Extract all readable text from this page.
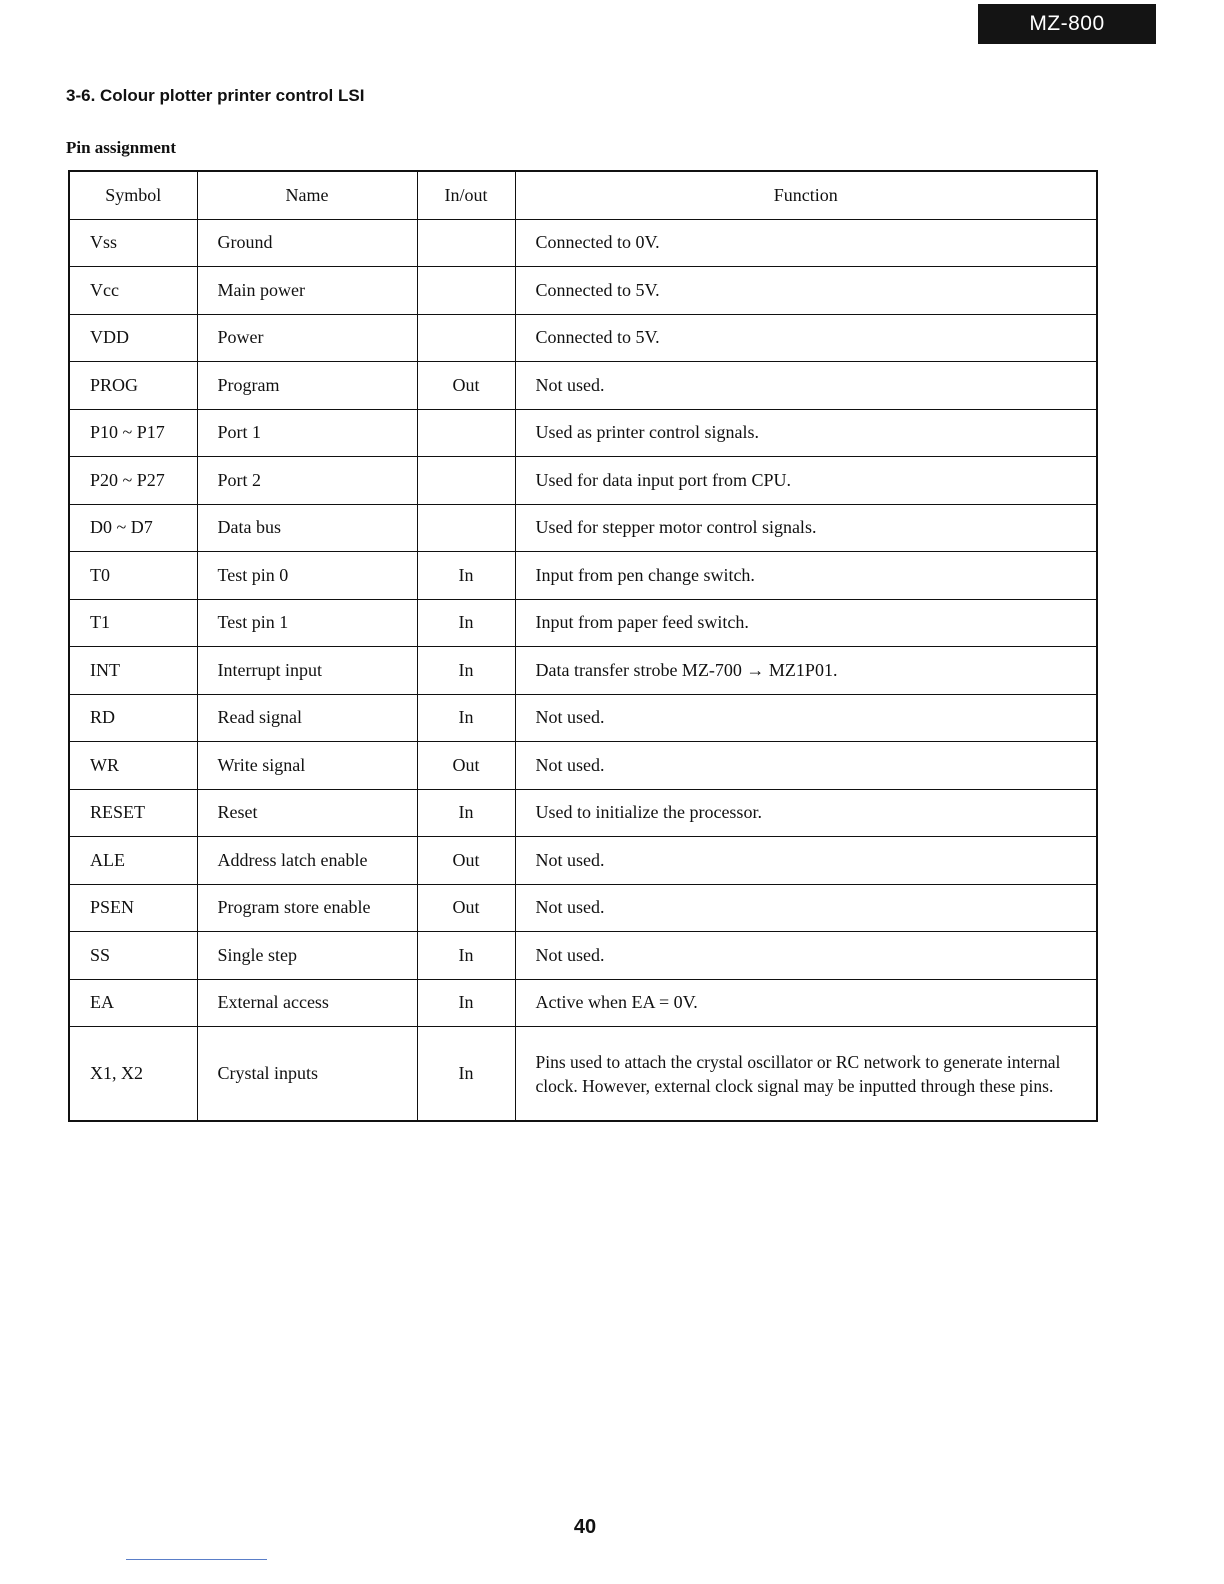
MZ-800
3-6. Colour plotter printer control LSI
Pin assignment
Symbol	Name	In/out	Function
Vss	Ground		Connected to 0V.
Vcc	Main power		Connected to 5V.
VDD	Power		Connected to 5V.
PROG	Program	Out	Not used.
P10 ~ P17	Port 1		Used as printer control signals.
P20 ~ P27	Port 2		Used for data input port from CPU.
D0 ~ D7	Data bus		Used for stepper motor control signals.
T0	Test pin 0	In	Input from pen change switch.
T1	Test pin 1	In	Input from paper feed switch.
INT	Interrupt input	In	Data transfer strobe MZ-700 → MZ1P01.
RD	Read signal	In	Not used.
WR	Write signal	Out	Not used.
RESET	Reset	In	Used to initialize the processor.
ALE	Address latch enable	Out	Not used.
PSEN	Program store enable	Out	Not used.
SS	Single step	In	Not used.
EA	External access	In	Active when EA = 0V.
X1, X2	Crystal inputs	In	Pins used to attach the crystal oscillator or RC network to generate internal clock. However, external clock signal may be inputted through these pins.
40
